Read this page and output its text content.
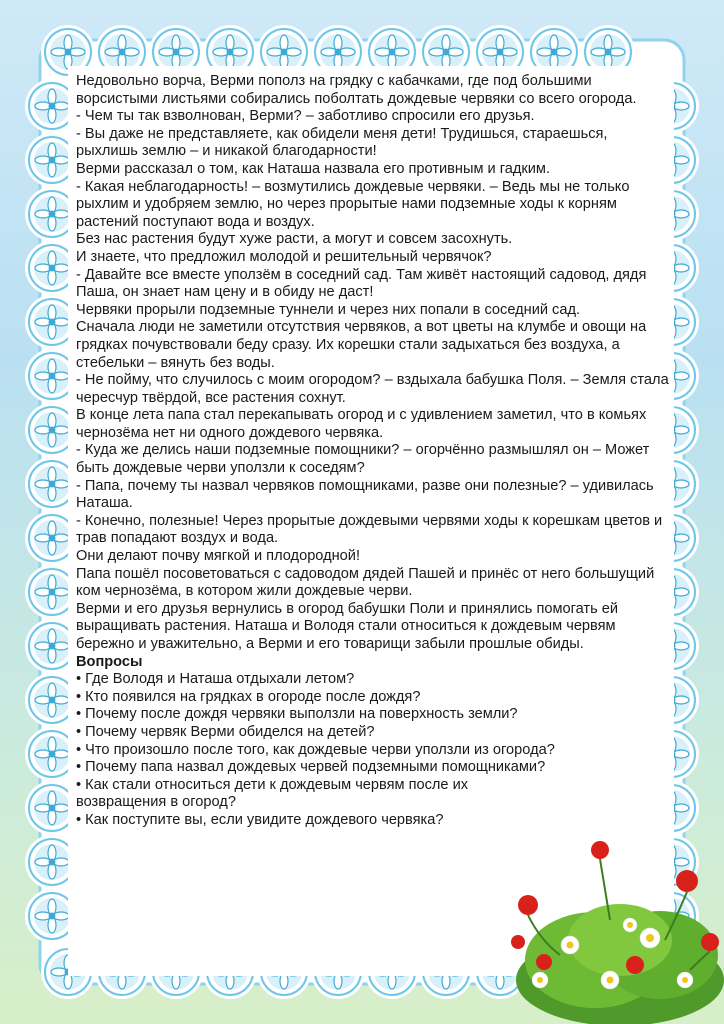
Недовольно ворча, Верми пополз на грядку с кабачками, где под большими ворсистыми листьями собирались поболтать дождевые червяки со всего огорода.

- Чем ты так взволнован, Верми? – заботливо спросили его друзья.

- Вы даже не представляете, как обидели меня дети! Трудишься, стараешься, рыхлишь землю – и никакой благодарности!

Верми рассказал о том, как Наташа назвала его противным и гадким.

- Какая неблагодарность! – возмутились дождевые червяки. – Ведь мы не только рыхлим и удобряем землю, но через прорытые нами подземные ходы к корням растений поступают вода и воздух.

Без нас растения будут хуже расти, а могут и совсем засохнуть.

И знаете, что предложил молодой и решительный червячок?

- Давайте все вместе уползём в соседний сад. Там живёт настоящий садовод, дядя Паша, он знает нам цену и в обиду не даст!

Червяки прорыли подземные туннели и через них попали в соседний сад.

Сначала люди не заметили отсутствия червяков, а вот цветы на клумбе и овощи на грядках почувствовали беду сразу. Их корешки стали задыхаться без воздуха, а стебельки – вянуть без воды.

- Не пойму, что случилось с моим огородом? – вздыхала бабушка Поля. – Земля стала чересчур твёрдой, все растения сохнут.

В конце лета папа стал перекапывать огород и с удивлением заметил, что в комьях чернозёма нет ни одного дождевого червяка.

- Куда же делись наши подземные помощники? – огорчённо размышлял он – Может быть дождевые черви уползли к соседям?

- Папа, почему ты назвал червяков помощниками, разве они полезные? – удивилась Наташа.

- Конечно, полезные! Через прорытые дождевыми червями ходы к корешкам цветов и трав попадают воздух и вода.

Они делают почву мягкой и плодородной!

Папа пошёл посоветоваться с садоводом дядей Пашей и принёс от него большущий ком чернозёма, в котором жили дождевые черви.

Верми и его друзья вернулись в огород бабушки Поли и принялись помогать ей выращивать растения. Наташа и Володя стали относиться к дождевым червям бережно и уважительно, а Верми и его товарищи забыли прошлые обиды.

Вопросы

• Где Володя и Наташа отдыхали летом?

• Кто появился на грядках в огороде после дождя?

• Почему после дождя червяки выползли на поверхность земли?

• Почему червяк Верми обиделся на детей?

• Что произошло после того, как дождевые черви уползли из огорода?

• Почему папа назвал дождевых червей подземными помощниками?

• Как стали относиться дети к дождевым червям после их возвращения в огород?

• Как поступите вы, если увидите дождевого червяка?
